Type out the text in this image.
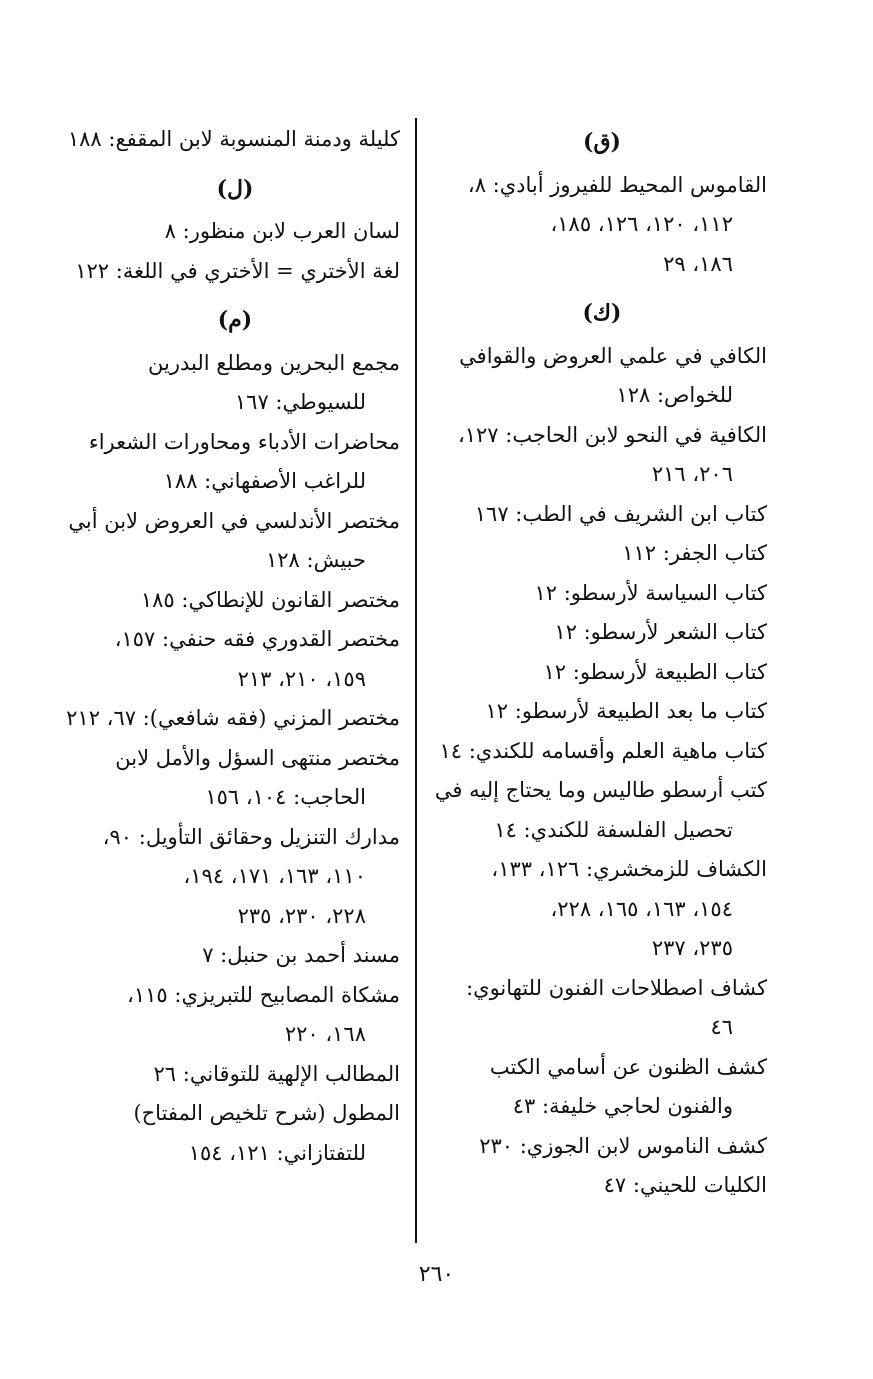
(ق)
القاموس المحيط للفيروز أبادي: ٨،
١١٢، ١٢٠، ١٢٦، ١٨٥،
١٨٦، ٢٩
(ك)
الكافي في علمي العروض والقوافي
للخواص: ١٢٨
الكافية في النحو لابن الحاجب: ١٢٧،
٢٠٦، ٢١٦
كتاب ابن الشريف في الطب: ١٦٧
كتاب الجفر: ١١٢
كتاب السياسة لأرسطو: ١٢
كتاب الشعر لأرسطو: ١٢
كتاب الطبيعة لأرسطو: ١٢
كتاب ما بعد الطبيعة لأرسطو: ١٢
كتاب ماهية العلم وأقسامه للكندي: ١٤
كتب أرسطو طاليس وما يحتاج إليه في
تحصيل الفلسفة للكندي: ١٤
الكشاف للزمخشري: ١٢٦، ١٣٣،
١٥٤، ١٦٣، ١٦٥، ٢٢٨،
٢٣٥، ٢٣٧
كشاف اصطلاحات الفنون للتهانوي:
٤٦
كشف الظنون عن أسامي الكتب
والفنون لحاجي خليفة: ٤٣
كشف الناموس لابن الجوزي: ٢٣٠
الكليات للحيني: ٤٧
كليلة ودمنة المنسوبة لابن المقفع: ١٨٨
(ل)
لسان العرب لابن منظور: ٨
لغة الأختري = الأختري في اللغة: ١٢٢
(م)
مجمع البحرين ومطلع البدرين
للسيوطي: ١٦٧
محاضرات الأدباء ومحاورات الشعراء
للراغب الأصفهاني: ١٨٨
مختصر الأندلسي في العروض لابن أبي
حبيش: ١٢٨
مختصر القانون للإنطاكي: ١٨٥
مختصر القدوري فقه حنفي: ١٥٧،
١٥٩، ٢١٠، ٢١٣
مختصر المزني (فقه شافعي): ٦٧، ٢١٢
مختصر منتهى السؤل والأمل لابن
الحاجب: ١٠٤، ١٥٦
مدارك التنزيل وحقائق التأويل: ٩٠،
١١٠، ١٦٣، ١٧١، ١٩٤،
٢٢٨، ٢٣٠، ٢٣٥
مسند أحمد بن حنبل: ٧
مشكاة المصابيح للتبريزي: ١١٥،
١٦٨، ٢٢٠
المطالب الإلهية للتوقاني: ٢٦
المطول (شرح تلخيص المفتاح)
للتفتازاني: ١٢١، ١٥٤
٢٦٠
